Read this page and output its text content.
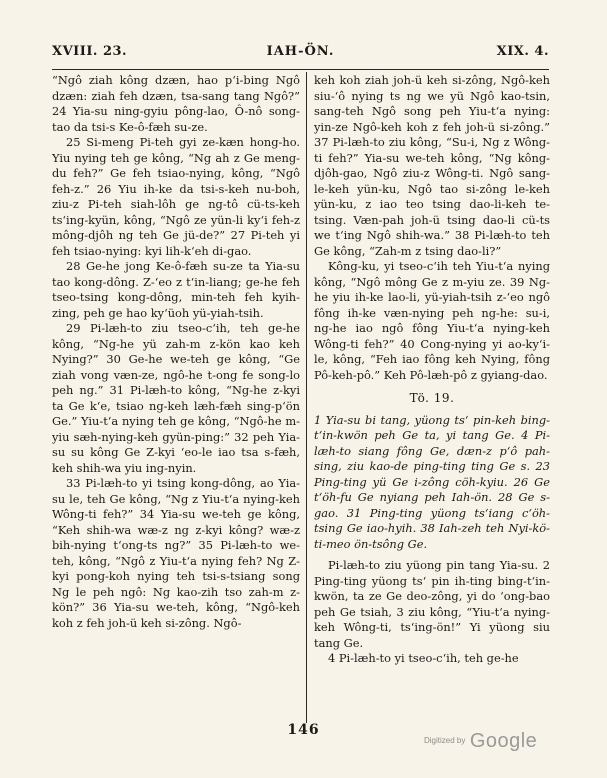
XVIII. 23.	IAH-ÖN.	XIX. 4.

“Ngô ziah kông dzæn, hao p‘i-bing Ngô dzæn: ziah feh dzæn, tsa-sang tang Ngô?” 24 Yia-su ning-gyiu pông-lao, Ô-nô song-tao da tsi-s Ke-ô-fæh su-ze.

25 Si-meng Pi-teh gyi ze-kæn hong-ho. Yiu nying teh ge kông, “Ng ah z Ge meng-du feh?” Ge feh tsiao-nying, kông, “Ngô feh-z.” 26 Yiu ih-ke da tsi-s-keh nu-boh, ziu-z Pi-teh siah-lôh ge ng-tô cü-ts-keh ts‘ing-kyün, kông, “Ngô ze yün-li ky‘i feh-z mông-djôh ng teh Ge jü-de?” 27 Pi-teh yi feh tsiao-nying: kyi lih-k‘eh di-gao.

28 Ge-he jong Ke-ô-fæh su-ze ta Yia-su tao kong-dông. Z-‘eo z t‘in-liang; ge-he feh tseo-tsing kong-dông, min-teh feh kyih-zing, peh ge hao ky‘üoh yü-yiah-tsih.

29 Pi-læh-to ziu tseo-c‘ih, teh ge-he kông, “Ng-he yü zah-m z-kön kao keh Nying?” 30 Ge-he we-teh ge kông, “Ge ziah vong væn-ze, ngô-he t-ong fe song-lo peh ng.” 31 Pi-læh-to kông, “Ng-he z-kyi ta Ge k‘e, tsiao ng-keh læh-fæh sing-p‘ön Ge.” Yiu-t‘a nying teh ge kông, “Ngô-he m-yiu sæh-nying-keh gyün-ping:” 32 peh Yia-su su kông Ge Z-kyi ‘eo-le iao tsa s-fæh, keh shih-wa yiu ing-nyin.

33 Pi-læh-to yi tsing kong-dông, ao Yia-su le, teh Ge kông, “Ng z Yiu-t‘a nying-keh Wông-ti feh?” 34 Yia-su we-teh ge kông, “Keh shih-wa wæ-z ng z-kyi kông? wæ-z bih-nying t‘ong-ts ng?” 35 Pi-læh-to we-teh, kông, “Ngô z Yiu-t‘a nying feh? Ng Z-kyi pong-koh nying teh tsi-s-tsiang song Ng le peh ngô: Ng kao-zih tso zah-m z-kön?” 36 Yia-su we-teh, kông, “Ngô-keh koh z feh joh-ü keh si-zông. Ngô-

keh koh ziah joh-ü keh si-zông, Ngô-keh siu-‘ô nying ts ng we yü Ngô kao-tsin, sang-teh Ngô song peh Yiu-t‘a nying: yin-ze Ngô-keh koh z feh joh-ü si-zông.” 37 Pi-læh-to ziu kông, “Su-i, Ng z Wông-ti feh?” Yia-su we-teh kông, “Ng kông-djôh-gao, Ngô ziu-z Wông-ti. Ngô sang-le-keh yün-ku, Ngô tao si-zông le-keh yün-ku, z iao teo tsing dao-li-keh te-tsing. Væn-pah joh-ü tsing dao-li cü-ts we t‘ing Ngô shih-wa.” 38 Pi-læh-to teh Ge kông, “Zah-m z tsing dao-li?”

Kông-ku, yi tseo-c‘ih teh Yiu-t‘a nying kông, “Ngô mông Ge z m-yiu ze. 39 Ng-he yiu ih-ke lao-li, yü-yiah-tsih z-‘eo ngô fông ih-ke væn-nying peh ng-he: su-i, ng-he iao ngô fông Yiu-t‘a nying-keh Wông-ti feh?” 40 Cong-nying yi ao-ky‘i-le, kông, “Feh iao fông keh Nying, fông Pô-keh-pô.” Keh Pô-læh-pô z gyiang-dao.

Tö. 19.

1 Yia-su bi tang, yüong ts‘ pin-keh bing-t‘in-kwön peh Ge ta, yi tang Ge. 4 Pi-læh-to siang fông Ge, dæn-z p‘ô pah-sing, ziu kao-de ping-ting ting Ge s. 23 Ping-ting yü Ge i-zông cöh-kyiu. 26 Ge t‘öh-fu Ge nyiang peh Iah-ön. 28 Ge s-gao. 31 Ping-ting yüong ts‘iang c‘öh-tsing Ge iao-hyih. 38 Iah-zeh teh Nyi-kö-ti-meo ön-tsông Ge.

Pi-læh-to ziu yüong pin tang Yia-su. 2 Ping-ting yüong ts‘ pin ih-ting bing-t‘in-kwön, ta ze Ge deo-zông, yi do ‘ong-bao peh Ge tsiah, 3 ziu kông, “Yiu-t‘a nying-keh Wông-ti, ts‘ing-ön!” Yi yüong siu tang Ge.

4 Pi-læh-to yi tseo-c‘ih, teh ge-he

146
$^{Digitized by}$ Google
